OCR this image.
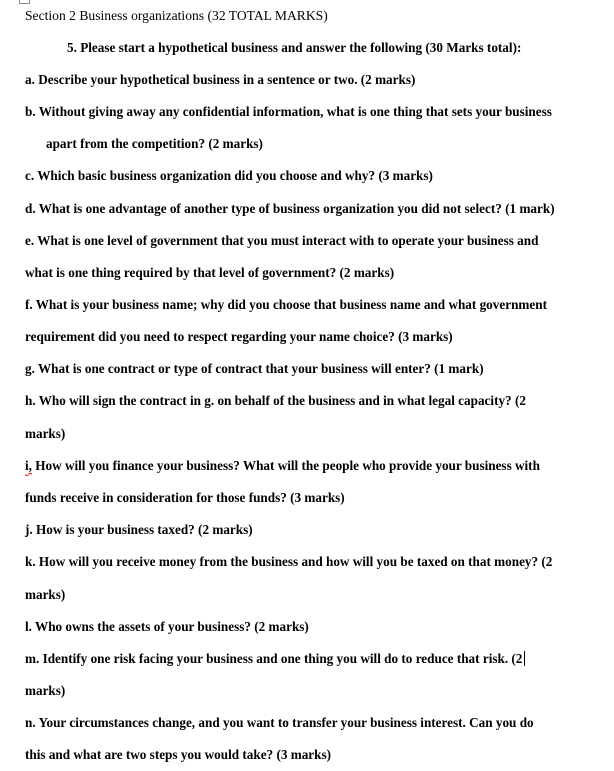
Section 2 Business organizations (32 TOTAL MARKS)
5. Please start a hypothetical business and answer the following (30 Marks total):
a. Describe your hypothetical business in a sentence or two. (2 marks)
b. Without giving away any confidential information, what is one thing that sets your business
apart from the competition? (2 marks)
c. Which basic business organization did you choose and why? (3 marks)
d. What is one advantage of another type of business organization you did not select? (1 mark)
e. What is one level of government that you must interact with to operate your business and
what is one thing required by that level of government? (2 marks)
f. What is your business name; why did you choose that business name and what government
requirement did you need to respect regarding your name choice? (3 marks)
g. What is one contract or type of contract that your business will enter? (1 mark)
h. Who will sign the contract in g. on behalf of the business and in what legal capacity? (2
marks)
i, How will you finance your business? What will the people who provide your business with
funds receive in consideration for those funds? (3 marks)
j. How is your business taxed? (2 marks)
k. How will you receive money from the business and how will you be taxed on that money? (2
marks)
l. Who owns the assets of your business? (2 marks)
m. Identify one risk facing your business and one thing you will do to reduce that risk. (2
marks)
n. Your circumstances change, and you want to transfer your business interest. Can you do
this and what are two steps you would take? (3 marks)
